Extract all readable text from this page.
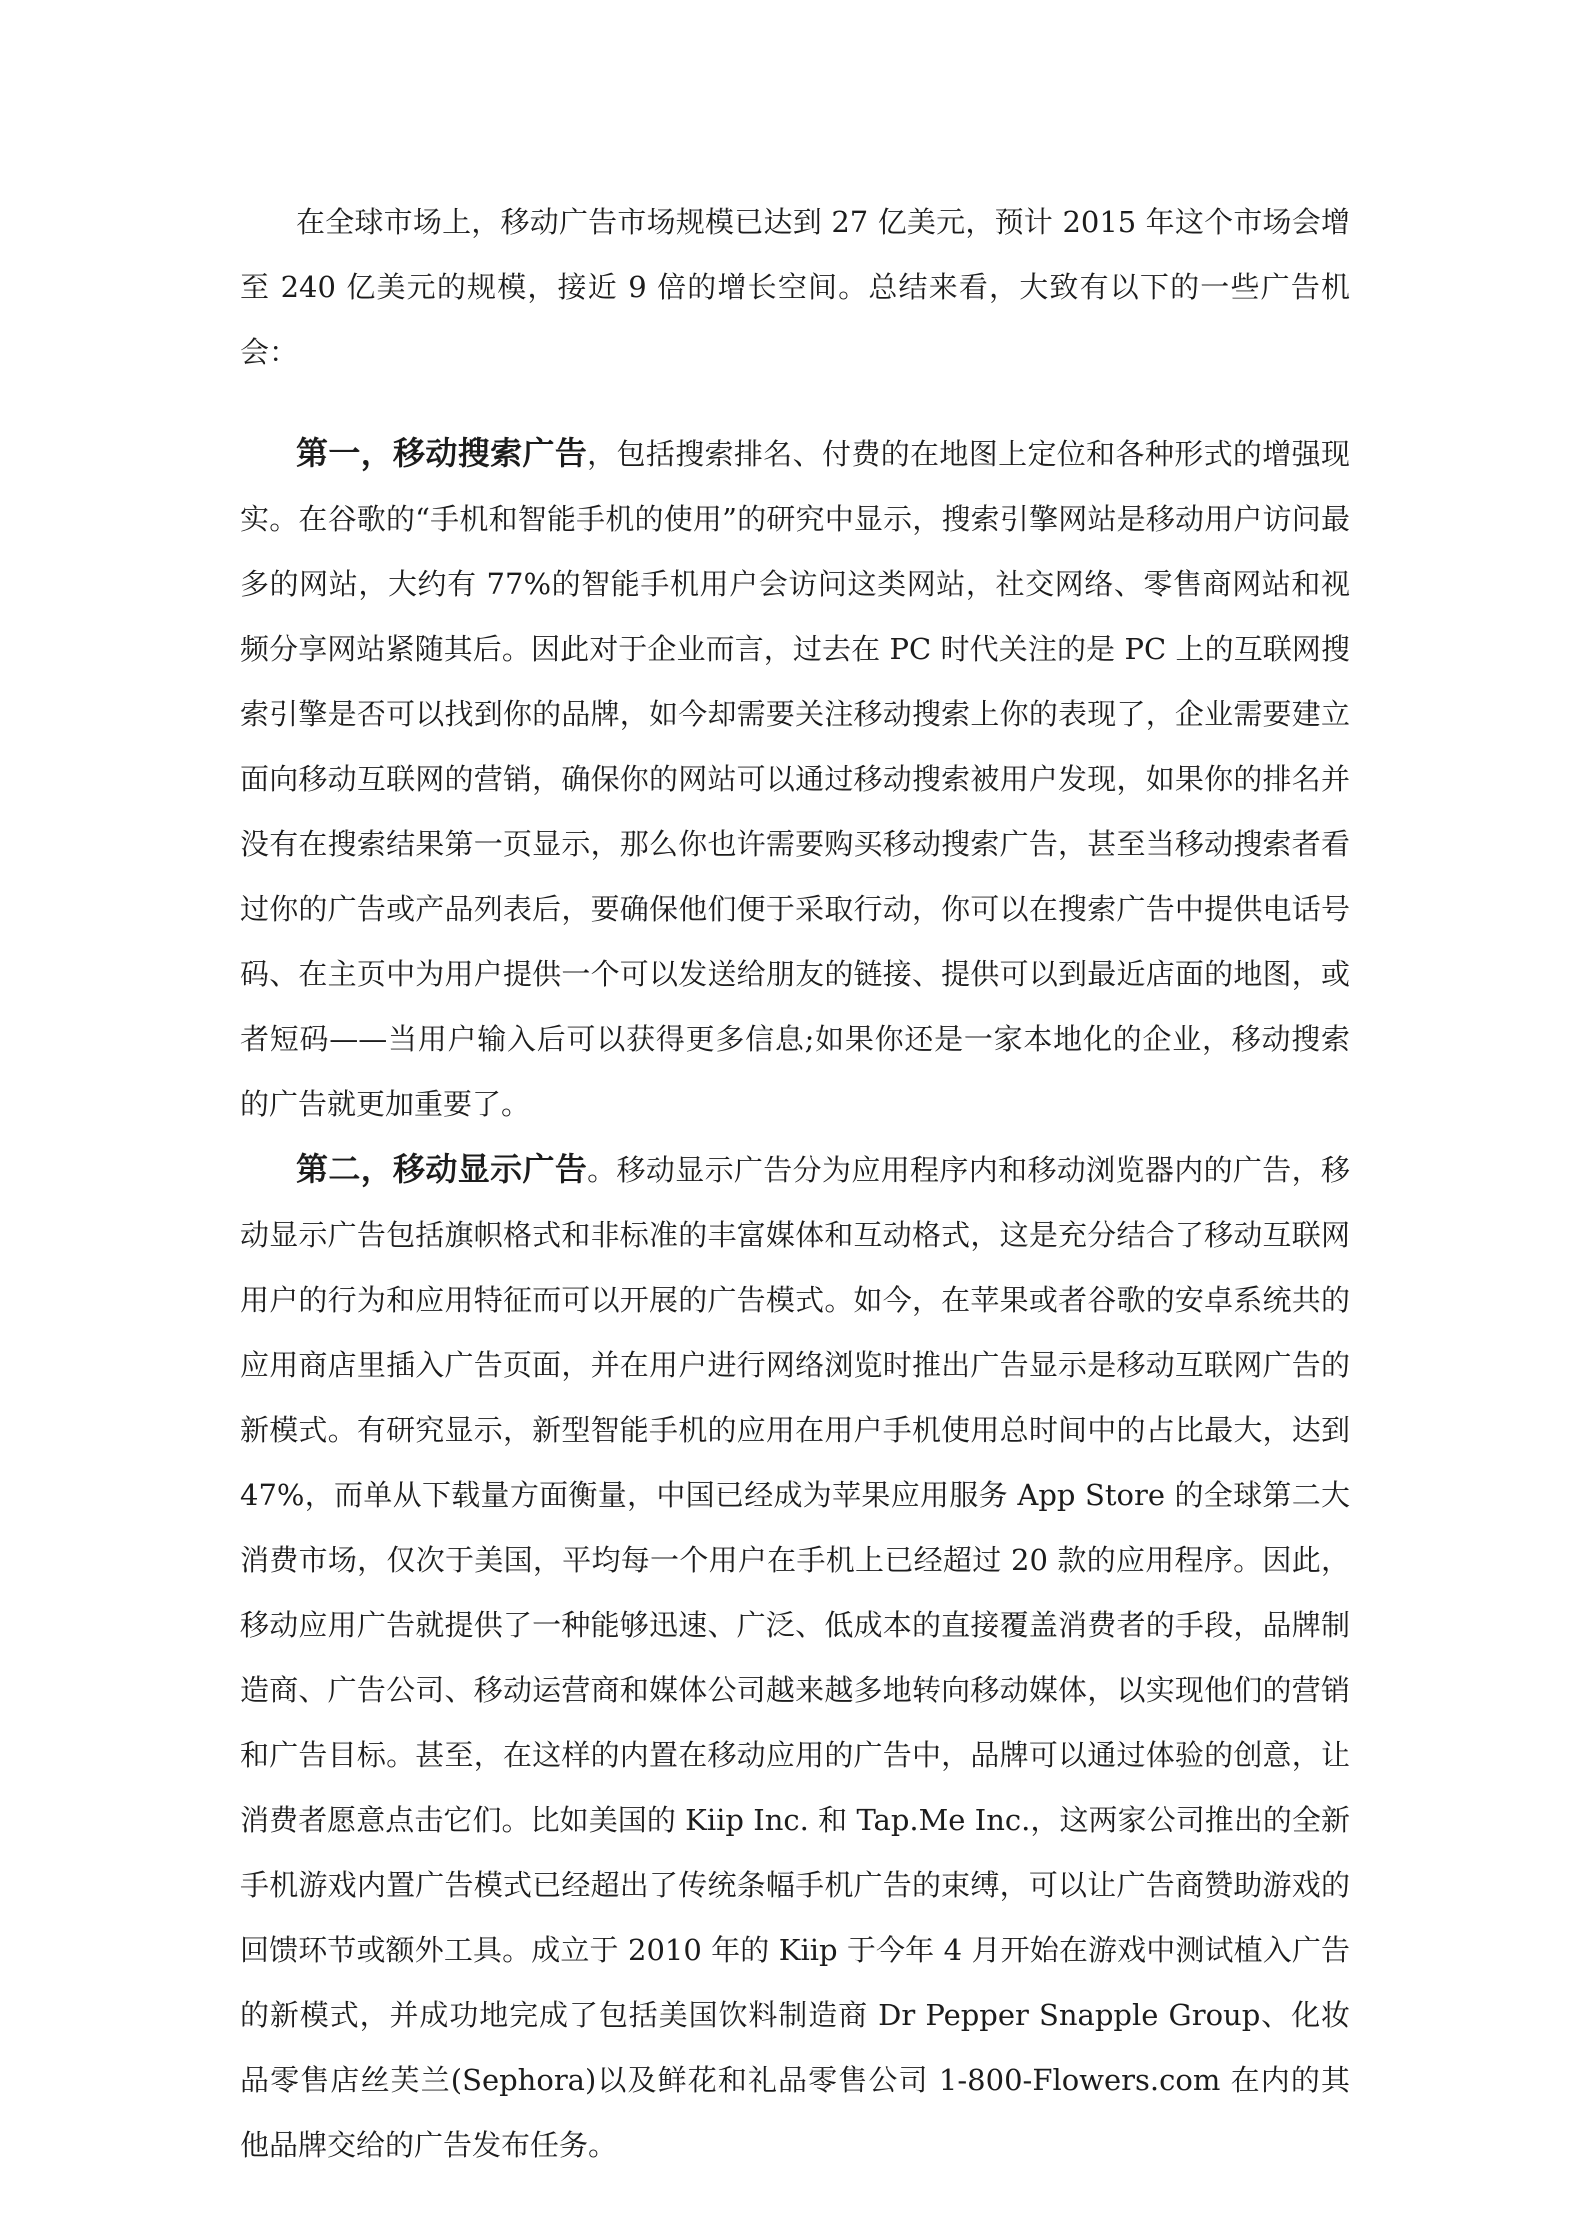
在全球市场上，移动广告市场规模已达到 27 亿美元，预计 2015 年这个市场会增至 240 亿美元的规模，接近 9 倍的增长空间。总结来看，大致有以下的一些广告机会：

第一，移动搜索广告，包括搜索排名、付费的在地图上定位和各种形式的增强现实。在谷歌的“手机和智能手机的使用”的研究中显示，搜索引擎网站是移动用户访问最多的网站，大约有 77%的智能手机用户会访问这类网站，社交网络、零售商网站和视频分享网站紧随其后。因此对于企业而言，过去在 PC 时代关注的是 PC 上的互联网搜索引擎是否可以找到你的品牌，如今却需要关注移动搜索上你的表现了，企业需要建立面向移动互联网的营销，确保你的网站可以通过移动搜索被用户发现，如果你的排名并没有在搜索结果第一页显示，那么你也许需要购买移动搜索广告，甚至当移动搜索者看过你的广告或产品列表后，要确保他们便于采取行动，你可以在搜索广告中提供电话号码、在主页中为用户提供一个可以发送给朋友的链接、提供可以到最近店面的地图，或者短码——当用户输入后可以获得更多信息;如果你还是一家本地化的企业，移动搜索的广告就更加重要了。

第二，移动显示广告。移动显示广告分为应用程序内和移动浏览器内的广告，移动显示广告包括旗帜格式和非标准的丰富媒体和互动格式，这是充分结合了移动互联网用户的行为和应用特征而可以开展的广告模式。如今，在苹果或者谷歌的安卓系统共的应用商店里插入广告页面，并在用户进行网络浏览时推出广告显示是移动互联网广告的新模式。有研究显示，新型智能手机的应用在用户手机使用总时间中的占比最大，达到 47%，而单从下载量方面衡量，中国已经成为苹果应用服务 App Store 的全球第二大消费市场，仅次于美国，平均每一个用户在手机上已经超过 20 款的应用程序。因此，移动应用广告就提供了一种能够迅速、广泛、低成本的直接覆盖消费者的手段，品牌制造商、广告公司、移动运营商和媒体公司越来越多地转向移动媒体，以实现他们的营销和广告目标。甚至，在这样的内置在移动应用的广告中，品牌可以通过体验的创意，让消费者愿意点击它们。比如美国的 Kiip Inc. 和 Tap.Me Inc.，这两家公司推出的全新手机游戏内置广告模式已经超出了传统条幅手机广告的束缚，可以让广告商赞助游戏的回馈环节或额外工具。成立于 2010 年的 Kiip 于今年 4 月开始在游戏中测试植入广告的新模式，并成功地完成了包括美国饮料制造商 Dr Pepper Snapple Group、化妆品零售店丝芙兰(Sephora)以及鲜花和礼品零售公司 1-800-Flowers.com 在内的其他品牌交给的广告发布任务。
